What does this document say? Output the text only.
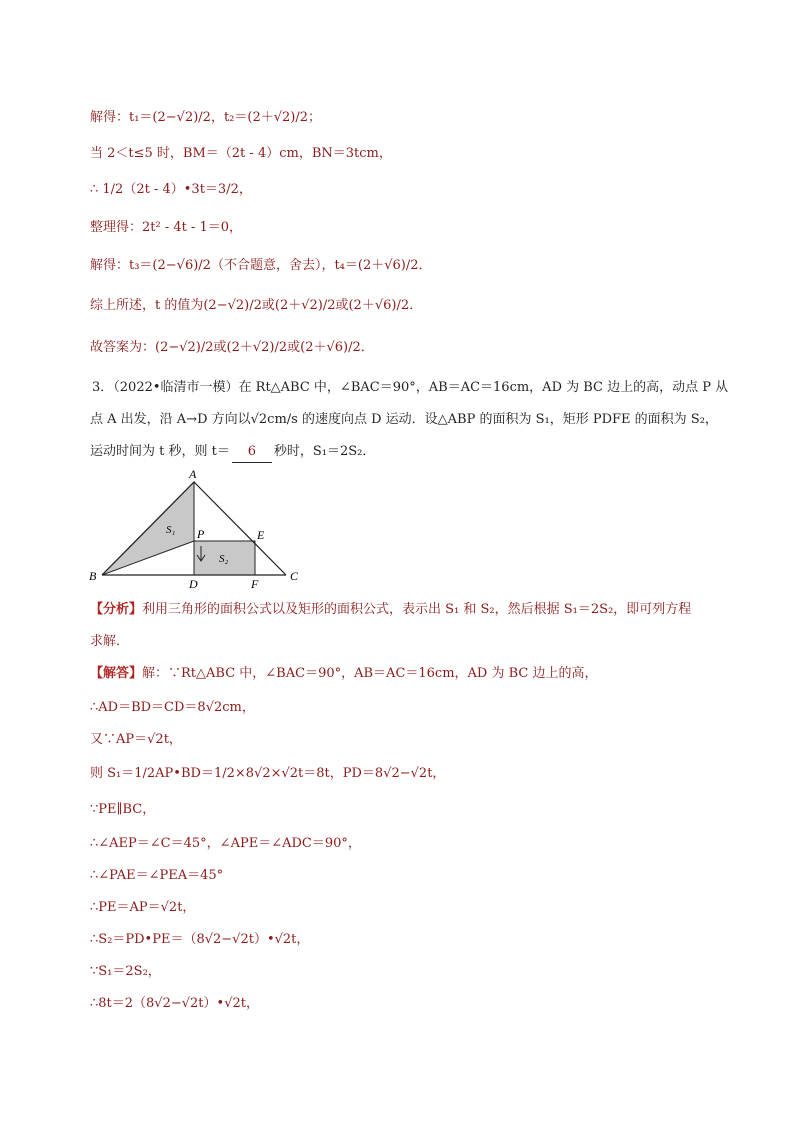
解得：t₁＝(2−√2)/2，t₂＝(2＋√2)/2；
当 2＜t≤5 时，BM＝（2t - 4）cm，BN＝3tcm，
∴ 1/2（2t - 4）•3t＝3/2，
整理得：2t² - 4t - 1＝0，
解得：t₃＝(2−√6)/2（不合题意，舍去），t₄＝(2＋√6)/2．
综上所述，t 的值为(2−√2)/2或(2＋√2)/2或(2＋√6)/2．
故答案为：(2−√2)/2或(2＋√2)/2或(2＋√6)/2．
3．（2022•临清市一模）在 Rt△ABC 中，∠BAC＝90°，AB＝AC＝16cm，AD 为 BC 边上的高，动点 P 从
点 A 出发，沿 A→D 方向以√2cm/s 的速度向点 D 运动．设△ABP 的面积为 S₁，矩形 PDFE 的面积为 S₂，
运动时间为 t 秒，则 t＝ 6 秒时，S₁＝2S₂．
A
B	C
D
E
F
P
S₁
S₂
【分析】利用三角形的面积公式以及矩形的面积公式，表示出 S₁ 和 S₂，然后根据 S₁＝2S₂，即可列方程
求解．
【解答】解：∵Rt△ABC 中，∠BAC＝90°，AB＝AC＝16cm，AD 为 BC 边上的高，
∴AD＝BD＝CD＝8√2cm，
又∵AP＝√2t，
则 S₁＝1/2AP•BD＝1/2×8√2×√2t＝8t，PD＝8√2−√2t，
∵PE∥BC，
∴∠AEP＝∠C＝45°，∠APE＝∠ADC＝90°，
∴∠PAE＝∠PEA＝45°
∴PE＝AP＝√2t，
∴S₂＝PD•PE＝（8√2−√2t）•√2t，
∵S₁＝2S₂，
∴8t＝2（8√2−√2t）•√2t，
